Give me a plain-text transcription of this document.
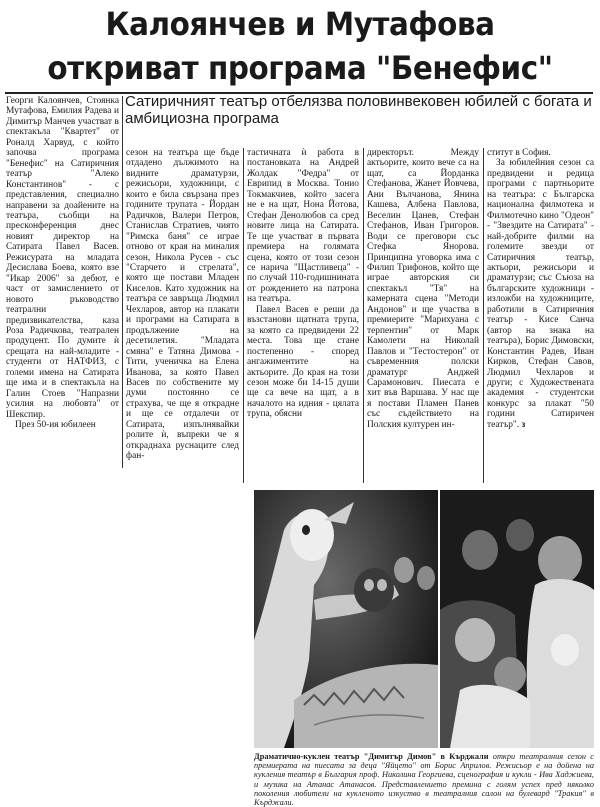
Калоянчев и Мутафова
откриват програма "Бенефис"
Сатиричният театър отбелязва половинвековен юбилей с богата и амбициозна програма

Георги Калоянчев, Стоянка Мутафова, Емилия Радева и Димитър Манчев участват в спектакъла "Квартет" от Роналд Харвуд, с който започва програма "Бенефис" на Сатиричния театър "Алеко Константинов" - с представления, специално направени за доайените на театъра, съобщи на пресконференция днес новият директор на Сатирата Павел Васев. Режисурата на младата Десислава Боева, която взе "Икар 2006" за дебют, е част от замислението от новото ръководство театрални предизвикателства, каза Роза Радичкова, театрален продуцент. По думите ѝ срещата на най-младите - студенти от НАТФИЗ, с големи имена на Сатирата ще има и в спектакъла на Галин Стоев "Напразни усилия на любовта" от Шекспир.

През 50-ия юбилеен

сезон на театъра ще бъде отдадено дължимото на видните драматурзи, режисьори, художници, с които е била свързана през годините трупата - Йордан Радичков, Валери Петров, Станислав Стратиев, чиято "Римска баня" се играе отново от края на миналия сезон, Никола Русев - със "Старчето и стрелата", която ще постави Младен Киселов. Като художник на театъра се завръща Людмил Чехларов, автор на плакати и програми на Сатирата в продължение на десетилетия. "Младата смяна" е Татяна Димова - Тити, ученичка на Елена Иванова, за която Павел Васев по собствените му думи постоянно се страхува, че ще я открадне и ще се отдалечи от Сатирата, изпълнявайки ролите ѝ, въпреки че я откраднаха руснаците след фан-

тастичната ѝ работа в постановката на Андрей Жолдак "Федра" от Еврипид в Москва. Тонио Токмакчиев, който засега не е на щат, Нона Йотова, Стефан Денолюбов са сред новите лица на Сатирата. Те ще участват в първата премиера на голямата сцена, която от този сезон се нарича "Щастливеца" - по случай 110-годишнината от рождението на патрона на театъра.

Павел Васев е реши да възстанови щатната трупа, за която са предвидени 22 места. Това ще стане постепенно - според ангажиментите на актьорите. До края на този сезон може би 14-15 души ще са вече на щат, а в началото на идния - цялата трупа, обясни

директорът. Между актьорите, които вече са на щат, са Йорданка Стефанова, Жанет Йовчева, Ани Вълчанова, Янина Кашева, Албена Павлова, Веселин Цанев, Стефан Стефанов, Иван Григоров. Води се преговори със Стефка Янорова. Принципна уговорка има с Филип Трифонов, който ще играе авторския си спектакъл "Тя" на камерната сцена "Методи Андонов" и ще участва в премиерите "Марихуана с терпентин" от Марк Камолети на Николай Павлов и "Тестостерон" от съвременния полски драматург Анджей Сарамонович. Пиесата е хит във Варшава. У нас ще я постави Пламен Панев със съдействието на Полския културен ин-

ститут в София.

За юбилейния сезон са предвидени и редица програми с партньорите на театъра: с Българска национална филмотека и Филмотечно кино "Одеон" - "Звездите на Сатирата" - най-добрите филми на големите звезди от Сатиричния театър, актьори, режисьори и драматурзи; със Съюза на българските художници - изложби на художниците, работили в Сатиричния театър - Кисе Санча (автор на знака на театъра), Борис Димовски, Константин Радев, Иван Кирков, Стефан Савов, Людмил Чехларов и други; с Художествената академия - студентски конкурс за плакат "50 години Сатиричен театър". з

Драматично-куклен театър "Димитър Димов" в Кърджали откри театралния сезон с премиерата на пиесата за деца "Яйцето" от Борис Априлов. Режисьор е на дойена на кукления театър в България проф. Николина Георгиева, сценография и кукли - Ива Хаджиева, и музика на Атанас Атанасов. Представлението премина с голям успех пред няколко поколения любители на кукленото изкуство в театралния салон на булевард "Тракия" в Кърджали.
